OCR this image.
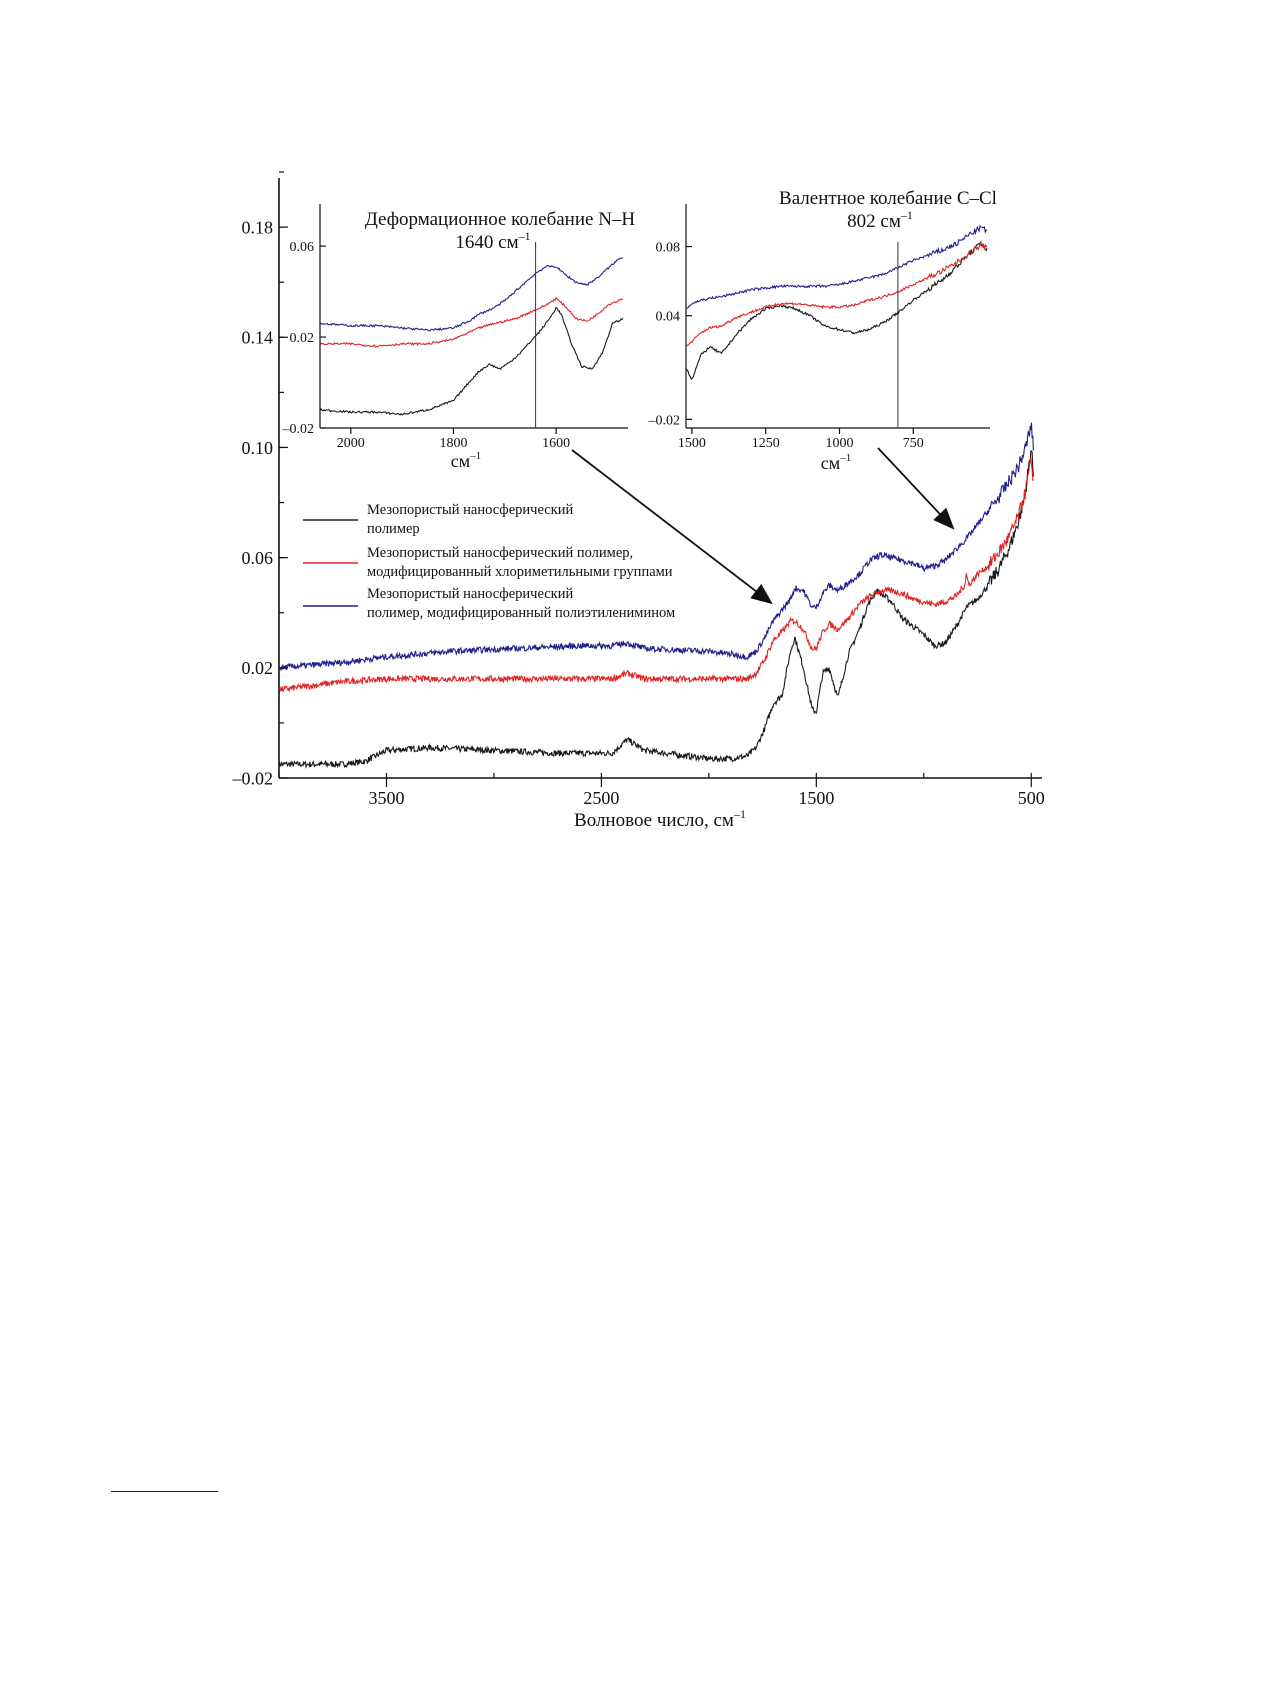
3500	2500	1500	500
–0.02
0.02
0.06
0.10
0.14
0.18
Волновое число, $см^{-1}$
Мезопористый наносферический
полимер
Мезопористый наносферический полимер,
модифицированный хлориметильными группами
Мезопористый наносферический
полимер, модифицированный полиэтиленимином
2000	1800	1600
–0.02
0.02
0.06
Деформационное колебание N–H
1640 $см^{-1}$
$см^{-1}$
1500	1250	1000	750
–0.02
0.04
0.08
Валентное колебание C–Cl
802 $см^{-1}$
$см^{-1}$
